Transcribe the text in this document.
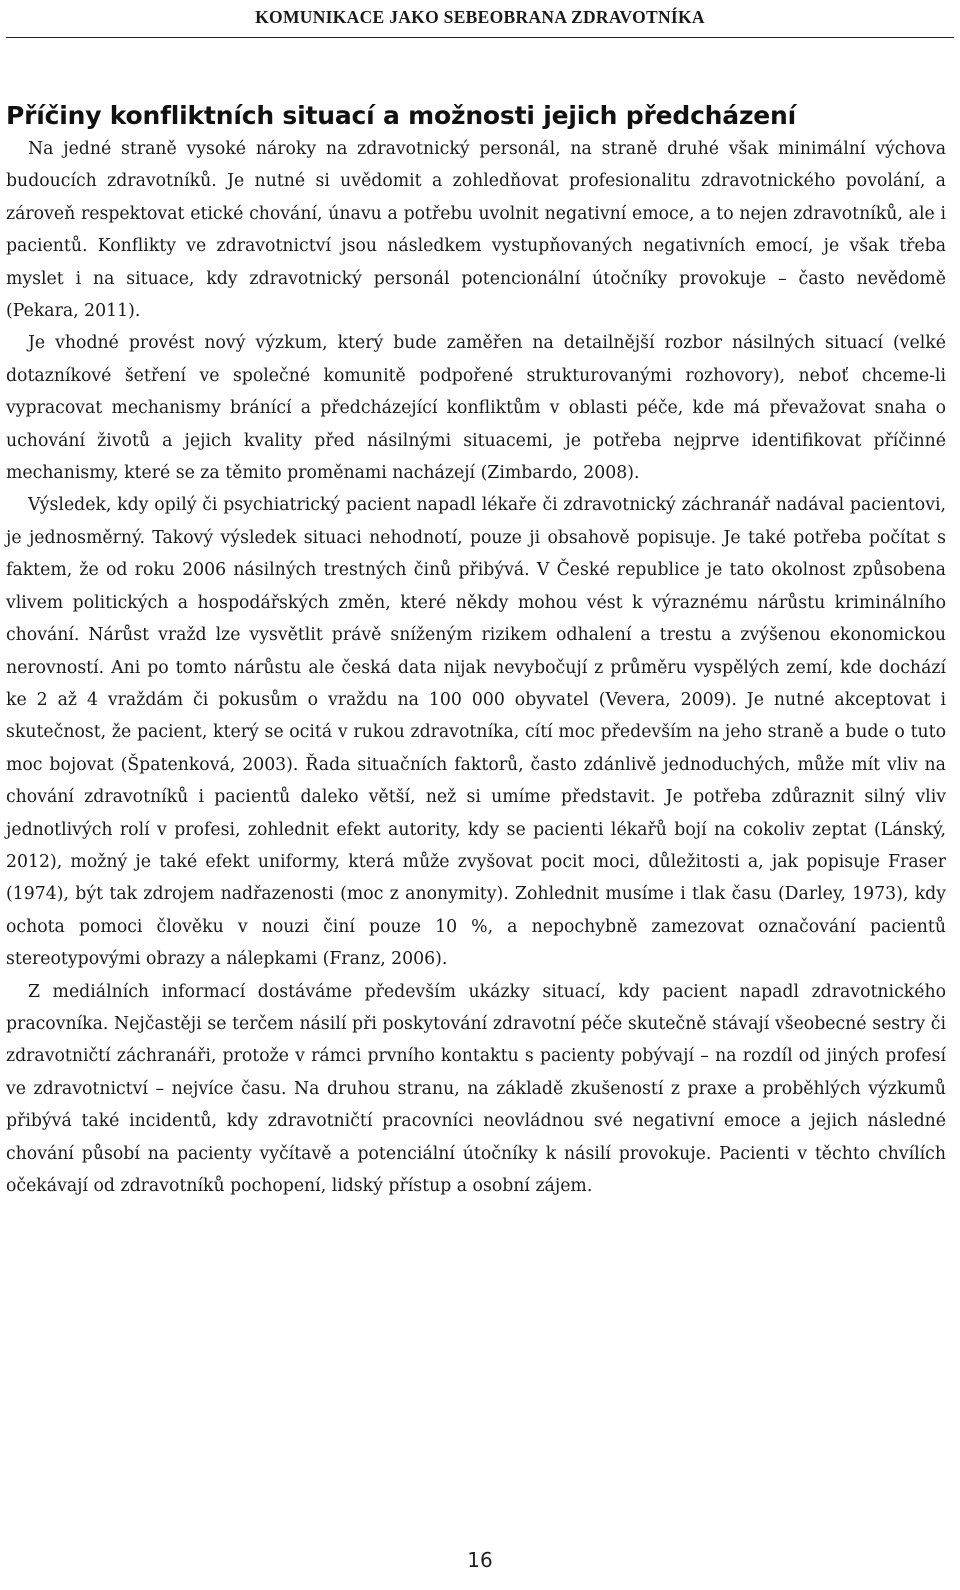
KOMUNIKACE JAKO SEBEOBRANA ZDRAVOTNÍKA
Příčiny konfliktních situací a možnosti jejich předcházení

Na jedné straně vysoké nároky na zdravotnický personál, na straně druhé však minimální výchova budoucích zdravotníků. Je nutné si uvědomit a zohledňovat profesionalitu zdravotnického povolání, a zároveň respektovat etické chování, únavu a potřebu uvolnit negativní emoce, a to nejen zdravotníků, ale i pacientů. Konflikty ve zdravotnictví jsou následkem vystupňovaných negativních emocí, je však třeba myslet i na situace, kdy zdravotnický personál potencionální útočníky provokuje – často nevědomě (Pekara, 2011).

Je vhodné provést nový výzkum, který bude zaměřen na detailnější rozbor násilných situací (velké dotazníkové šetření ve společné komunitě podpořené strukturovanými rozhovory), neboť chceme-li vypracovat mechanismy bránící a předcházející konfliktům v oblasti péče, kde má převažovat snaha o uchování životů a jejich kvality před násilnými situacemi, je potřeba nejprve identifikovat příčinné mechanismy, které se za těmito proměnami nacházejí (Zimbardo, 2008).

Výsledek, kdy opilý či psychiatrický pacient napadl lékaře či zdravotnický záchranář nadával pacientovi, je jednosměrný. Takový výsledek situaci nehodnotí, pouze ji obsahově popisuje. Je také potřeba počítat s faktem, že od roku 2006 násilných trestných činů přibývá. V České republice je tato okolnost způsobena vlivem politických a hospodářských změn, které někdy mohou vést k výraznému nárůstu kriminálního chování. Nárůst vražd lze vysvětlit právě sníženým rizikem odhalení a trestu a zvýšenou ekonomickou nerovností. Ani po tomto nárůstu ale česká data nijak nevybočují z průměru vyspělých zemí, kde dochází ke 2 až 4 vraždám či pokusům o vraždu na 100 000 obyvatel (Vevera, 2009). Je nutné akceptovat i skutečnost, že pacient, který se ocitá v rukou zdravotníka, cítí moc především na jeho straně a bude o tuto moc bojovat (Špatenková, 2003). Řada situačních faktorů, často zdánlivě jednoduchých, může mít vliv na chování zdravotníků i pacientů daleko větší, než si umíme představit. Je potřeba zdůraznit silný vliv jednotlivých rolí v profesi, zohlednit efekt autority, kdy se pacienti lékařů bojí na cokoliv zeptat (Lánský, 2012), možný je také efekt uniformy, která může zvyšovat pocit moci, důležitosti a, jak popisuje Fraser (1974), být tak zdrojem nadřazenosti (moc z anonymity). Zohlednit musíme i tlak času (Darley, 1973), kdy ochota pomoci člověku v nouzi činí pouze 10 %, a nepochybně zamezovat označování pacientů stereotypovými obrazy a nálepkami (Franz, 2006).

Z mediálních informací dostáváme především ukázky situací, kdy pacient napadl zdravotnického pracovníka. Nejčastěji se terčem násilí při poskytování zdravotní péče skutečně stávají všeobecné sestry či zdravotničtí záchranáři, protože v rámci prvního kontaktu s pacienty pobývají – na rozdíl od jiných profesí ve zdravotnictví – nejvíce času. Na druhou stranu, na základě zkušeností z praxe a proběhlých výzkumů přibývá také incidentů, kdy zdravotničtí pracovníci neovládnou své negativní emoce a jejich následné chování působí na pacienty vyčítavě a potenciální útočníky k násilí provokuje. Pacienti v těchto chvílích očekávají od zdravotníků pochopení, lidský přístup a osobní zájem.

16
